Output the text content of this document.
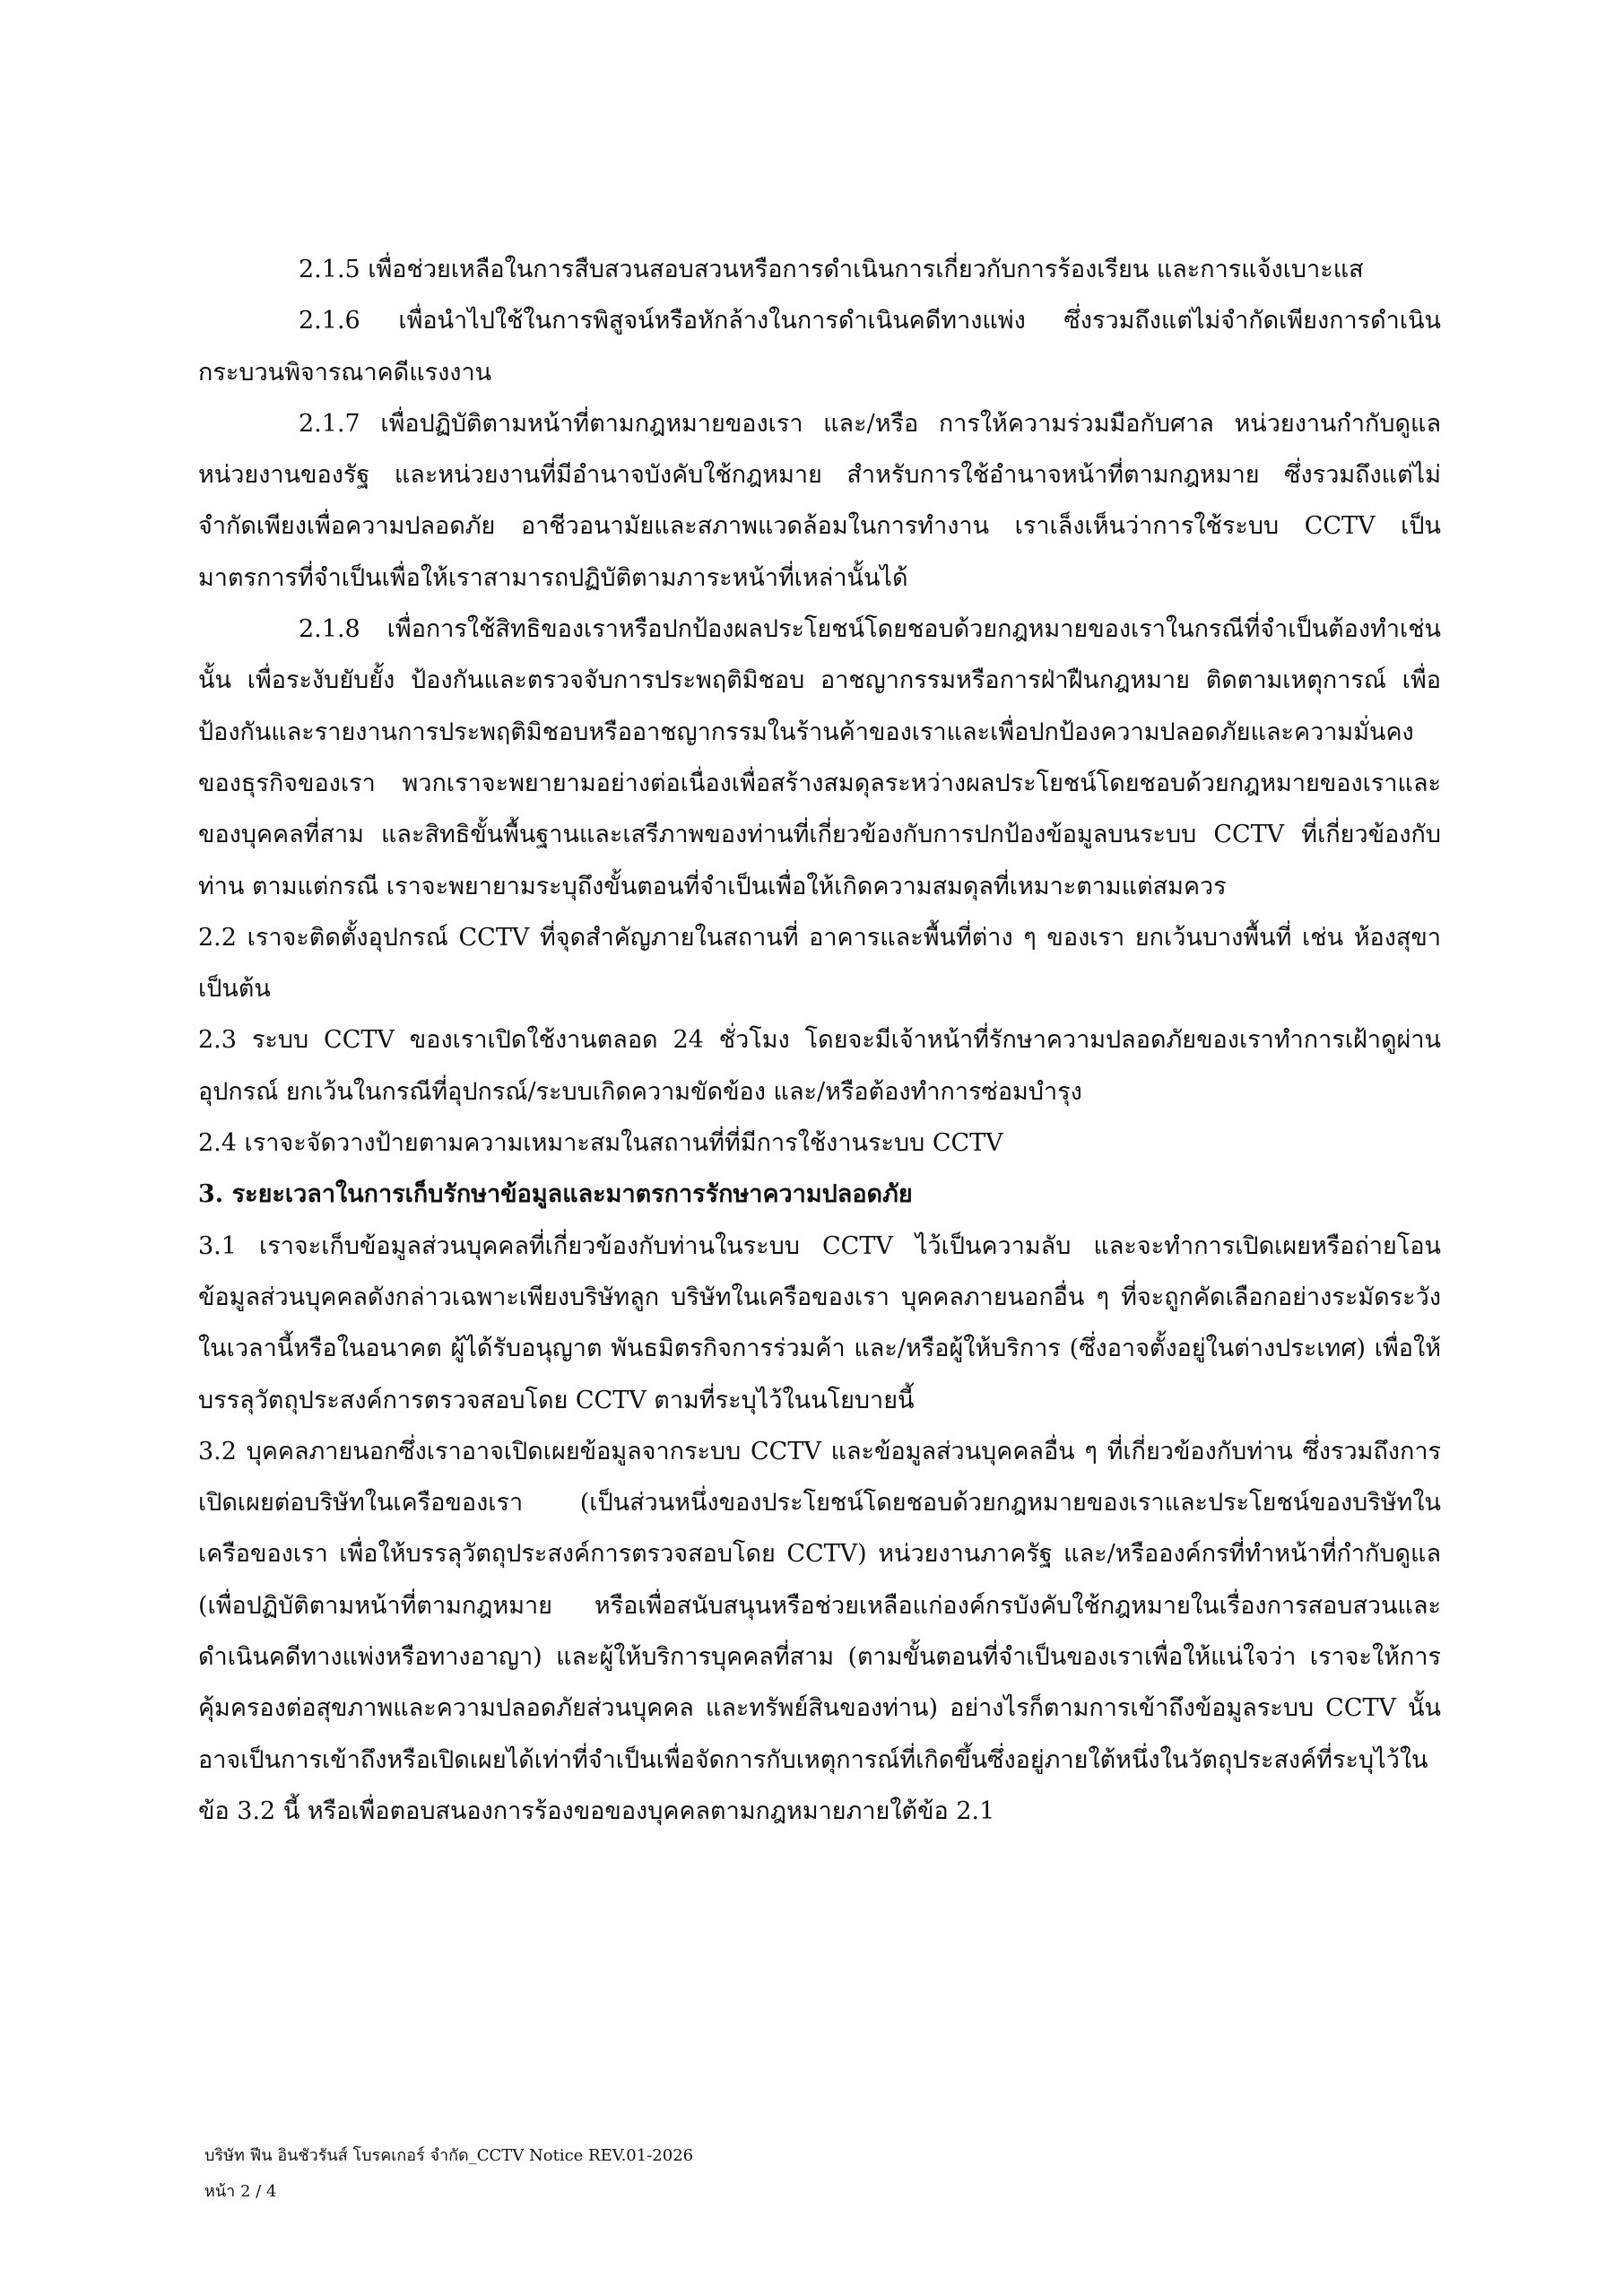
2.1.5 เพื่อช่วยเหลือในการสืบสวนสอบสวนหรือการดำเนินการเกี่ยวกับการร้องเรียน และการแจ้งเบาะแส

2.1.6 เพื่อนำไปใช้ในการพิสูจน์หรือหักล้างในการดำเนินคดีทางแพ่ง ซึ่งรวมถึงแต่ไม่จำกัดเพียงการดำเนินกระบวนพิจารณาคดีแรงงาน

2.1.7 เพื่อปฏิบัติตามหน้าที่ตามกฎหมายของเรา และ/หรือ การให้ความร่วมมือกับศาล หน่วยงานกำกับดูแล หน่วยงานของรัฐ และหน่วยงานที่มีอำนาจบังคับใช้กฎหมาย สำหรับการใช้อำนาจหน้าที่ตามกฎหมาย ซึ่งรวมถึงแต่ไม่จำกัดเพียงเพื่อความปลอดภัย อาชีวอนามัยและสภาพแวดล้อมในการทำงาน เราเล็งเห็นว่าการใช้ระบบ CCTV เป็นมาตรการที่จำเป็นเพื่อให้เราสามารถปฏิบัติตามภาระหน้าที่เหล่านั้นได้

2.1.8 เพื่อการใช้สิทธิของเราหรือปกป้องผลประโยชน์โดยชอบด้วยกฎหมายของเราในกรณีที่จำเป็นต้องทำเช่นนั้น เพื่อระงับยับยั้ง ป้องกันและตรวจจับการประพฤติมิชอบ อาชญากรรมหรือการฝ่าฝืนกฎหมาย ติดตามเหตุการณ์ เพื่อป้องกันและรายงานการประพฤติมิชอบหรืออาชญากรรมในร้านค้าของเราและเพื่อปกป้องความปลอดภัยและความมั่นคงของธุรกิจของเรา พวกเราจะพยายามอย่างต่อเนื่องเพื่อสร้างสมดุลระหว่างผลประโยชน์โดยชอบด้วยกฎหมายของเราและของบุคคลที่สาม และสิทธิขั้นพื้นฐานและเสรีภาพของท่านที่เกี่ยวข้องกับการปกป้องข้อมูลบนระบบ CCTV ที่เกี่ยวข้องกับท่าน ตามแต่กรณี เราจะพยายามระบุถึงขั้นตอนที่จำเป็นเพื่อให้เกิดความสมดุลที่เหมาะตามแต่สมควร

2.2 เราจะติดตั้งอุปกรณ์ CCTV ที่จุดสำคัญภายในสถานที่ อาคารและพื้นที่ต่าง ๆ ของเรา ยกเว้นบางพื้นที่ เช่น ห้องสุขา เป็นต้น

2.3 ระบบ CCTV ของเราเปิดใช้งานตลอด 24 ชั่วโมง โดยจะมีเจ้าหน้าที่รักษาความปลอดภัยของเราทำการเฝ้าดูผ่านอุปกรณ์ ยกเว้นในกรณีที่อุปกรณ์/ระบบเกิดความขัดข้อง และ/หรือต้องทำการซ่อมบำรุง

2.4 เราจะจัดวางป้ายตามความเหมาะสมในสถานที่ที่มีการใช้งานระบบ CCTV

3. ระยะเวลาในการเก็บรักษาข้อมูลและมาตรการรักษาความปลอดภัย

3.1 เราจะเก็บข้อมูลส่วนบุคคลที่เกี่ยวข้องกับท่านในระบบ CCTV ไว้เป็นความลับ และจะทำการเปิดเผยหรือถ่ายโอนข้อมูลส่วนบุคคลดังกล่าวเฉพาะเพียงบริษัทลูก บริษัทในเครือของเรา บุคคลภายนอกอื่น ๆ ที่จะถูกคัดเลือกอย่างระมัดระวังในเวลานี้หรือในอนาคต ผู้ได้รับอนุญาต พันธมิตรกิจการร่วมค้า และ/หรือผู้ให้บริการ (ซึ่งอาจตั้งอยู่ในต่างประเทศ) เพื่อให้บรรลุวัตถุประสงค์การตรวจสอบโดย CCTV ตามที่ระบุไว้ในนโยบายนี้

3.2 บุคคลภายนอกซึ่งเราอาจเปิดเผยข้อมูลจากระบบ CCTV และข้อมูลส่วนบุคคลอื่น ๆ ที่เกี่ยวข้องกับท่าน ซึ่งรวมถึงการเปิดเผยต่อบริษัทในเครือของเรา (เป็นส่วนหนึ่งของประโยชน์โดยชอบด้วยกฎหมายของเราและประโยชน์ของบริษัทในเครือของเรา เพื่อให้บรรลุวัตถุประสงค์การตรวจสอบโดย CCTV) หน่วยงานภาครัฐ และ/หรือองค์กรที่ทำหน้าที่กำกับดูแล (เพื่อปฏิบัติตามหน้าที่ตามกฎหมาย หรือเพื่อสนับสนุนหรือช่วยเหลือแก่องค์กรบังคับใช้กฎหมายในเรื่องการสอบสวนและดำเนินคดีทางแพ่งหรือทางอาญา) และผู้ให้บริการบุคคลที่สาม (ตามขั้นตอนที่จำเป็นของเราเพื่อให้แน่ใจว่า เราจะให้การคุ้มครองต่อสุขภาพและความปลอดภัยส่วนบุคคล และทรัพย์สินของท่าน) อย่างไรก็ตามการเข้าถึงข้อมูลระบบ CCTV นั้นอาจเป็นการเข้าถึงหรือเปิดเผยได้เท่าที่จำเป็นเพื่อจัดการกับเหตุการณ์ที่เกิดขึ้นซึ่งอยู่ภายใต้หนึ่งในวัตถุประสงค์ที่ระบุไว้ในข้อ 3.2 นี้ หรือเพื่อตอบสนองการร้องขอของบุคคลตามกฎหมายภายใต้ข้อ 2.1

บริษัท ฟีน อินชัวรันส์ โบรคเกอร์ จำกัด_CCTV Notice REV.01-2026
หน้า 2 / 4
